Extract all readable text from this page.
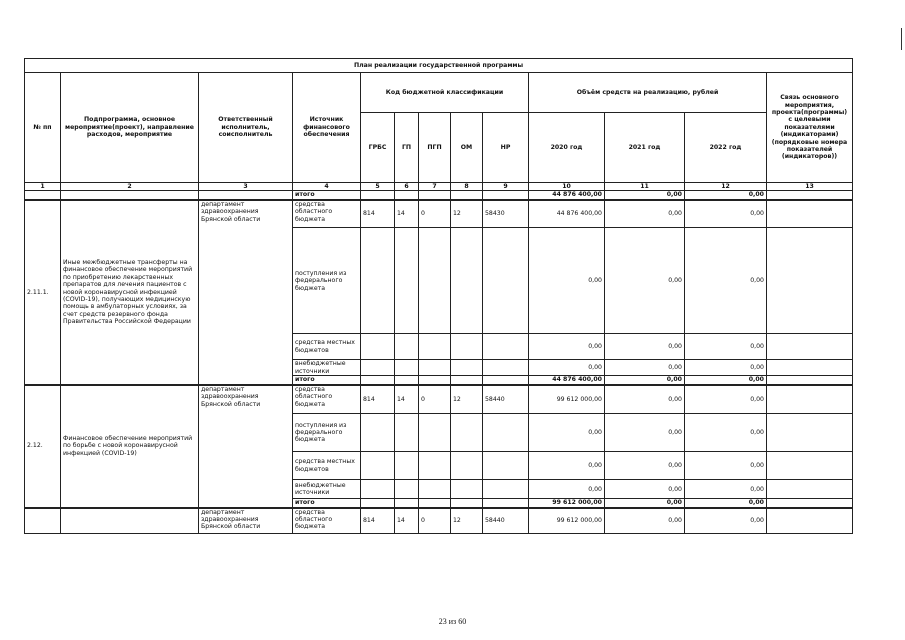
План реализации государственной программы												
№ пп	Подпрограмма, основное мероприятие(проект), направление расходов, мероприятие	Ответственный исполнитель, соисполнитель	Источник финансового обеспечения	Код бюджетной классификации					Объём средств на реализацию, рублей			Связь основного мероприятия, проекта(программы) с целевыми показателями (индикаторами) (порядковые номера показателей (индикаторов))
				ГРБС	ГП	ПГП	ОМ	НР	2020 год	2021 год	2022 год	
1	2	3	4	5	6	7	8	9	10	11	12	13
			итого						44 876 400,00	0,00	0,00	
2.11.1.	Иные межбюджетные трансферты на финансовое обеспечение мероприятий по приобретению лекарственных препаратов для лечения пациентов с новой коронавирусной инфекцией (COVID-19), получающих медицинскую помощь в амбулаторных условиях, за счет средств резервного фонда Правительства Российской Федерации	департамент здравоохранения Брянской области	средства областного бюджета	814	14	0	12	58430	44 876 400,00	0,00	0,00	
			поступления из федерального бюджета						0,00	0,00	0,00	
			средства местных бюджетов						0,00	0,00	0,00	
			внебюджетные источники						0,00	0,00	0,00	
			итого						44 876 400,00	0,00	0,00	
2.12.	Финансовое обеспечение мероприятий по борьбе с новой коронавирусной инфекцией (COVID-19)	департамент здравоохранения Брянской области	средства областного бюджета	814	14	0	12	58440	99 612 000,00	0,00	0,00	
			поступления из федерального бюджета						0,00	0,00	0,00	
			средства местных бюджетов						0,00	0,00	0,00	
			внебюджетные источники						0,00	0,00	0,00	
			итого						99 612 000,00	0,00	0,00	
		департамент здравоохранения Брянской области	средства областного бюджета	814	14	0	12	58440	99 612 000,00	0,00	0,00	
23 из 60
